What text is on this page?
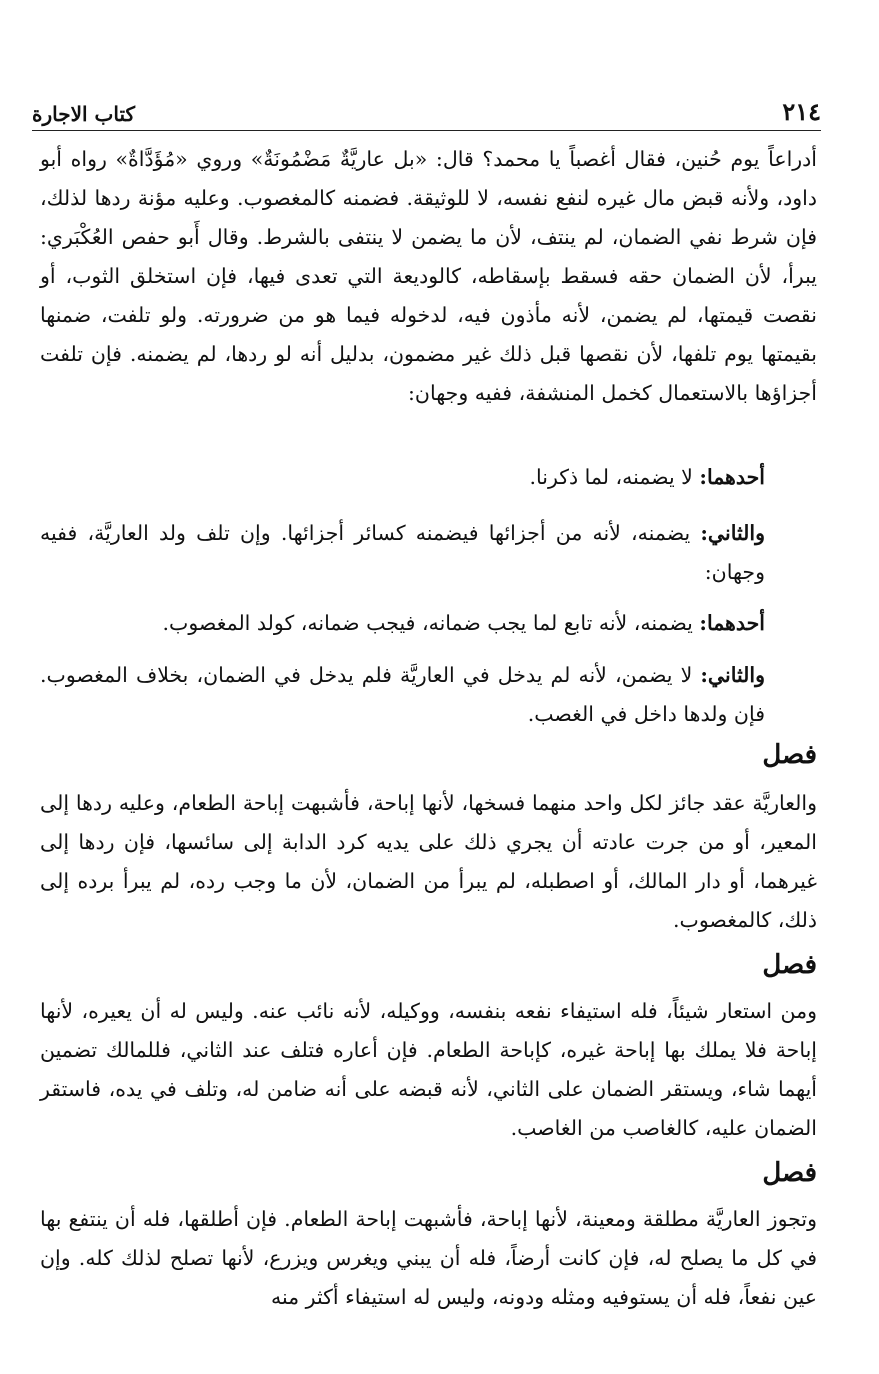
٢١٤
كتاب الاجارة
أدراعاً يوم حُنين، فقال أغصباً يا محمد؟ قال: «بل عاريَّةٌ مَضْمُونَةٌ» وروي «مُؤَدَّاةٌ» رواه أبو داود، ولأنه قبض مال غيره لنفع نفسه، لا للوثيقة. فضمنه كالمغصوب. وعليه مؤنة ردها لذلك، فإن شرط نفي الضمان، لم ينتف، لأن ما يضمن لا ينتفى بالشرط. وقال أَبو حفص العُكْبَري: يبرأ، لأن الضمان حقه فسقط بإسقاطه، كالوديعة التي تعدى فيها، فإن استخلق الثوب، أو نقصت قيمتها، لم يضمن، لأنه مأذون فيه، لدخوله فيما هو من ضرورته. ولو تلفت، ضمنها بقيمتها يوم تلفها، لأن نقصها قبل ذلك غير مضمون، بدليل أنه لو ردها، لم يضمنه. فإن تلفت أجزاؤها بالاستعمال كخمل المنشفة، ففيه وجهان:
أحدهما: لا يضمنه، لما ذكرنا.
والثاني: يضمنه، لأنه من أجزائها فيضمنه كسائر أجزائها. وإن تلف ولد العاريَّة، ففيه وجهان:
أحدهما: يضمنه، لأنه تابع لما يجب ضمانه، فيجب ضمانه، كولد المغصوب.
والثاني: لا يضمن، لأنه لم يدخل في العاريَّة فلم يدخل في الضمان، بخلاف المغصوب. فإن ولدها داخل في الغصب.
فصل
والعاريَّة عقد جائز لكل واحد منهما فسخها، لأنها إباحة، فأشبهت إباحة الطعام، وعليه ردها إلى المعير، أو من جرت عادته أن يجري ذلك على يديه كرد الدابة إلى سائسها، فإن ردها إلى غيرهما، أو دار المالك، أو اصطبله، لم يبرأ من الضمان، لأن ما وجب رده، لم يبرأ برده إلى ذلك، كالمغصوب.
فصل
ومن استعار شيئاً، فله استيفاء نفعه بنفسه، ووكيله، لأنه نائب عنه. وليس له أن يعيره، لأنها إباحة فلا يملك بها إباحة غيره، كإباحة الطعام. فإن أعاره فتلف عند الثاني، فللمالك تضمين أيهما شاء، ويستقر الضمان على الثاني، لأنه قبضه على أنه ضامن له، وتلف في يده، فاستقر الضمان عليه، كالغاصب من الغاصب.
فصل
وتجوز العاريَّة مطلقة ومعينة، لأنها إباحة، فأشبهت إباحة الطعام. فإن أطلقها، فله أن ينتفع بها في كل ما يصلح له، فإن كانت أرضاً، فله أن يبني ويغرس ويزرع، لأنها تصلح لذلك كله. وإن عين نفعاً، فله أن يستوفيه ومثله ودونه، وليس له استيفاء أكثر منه
